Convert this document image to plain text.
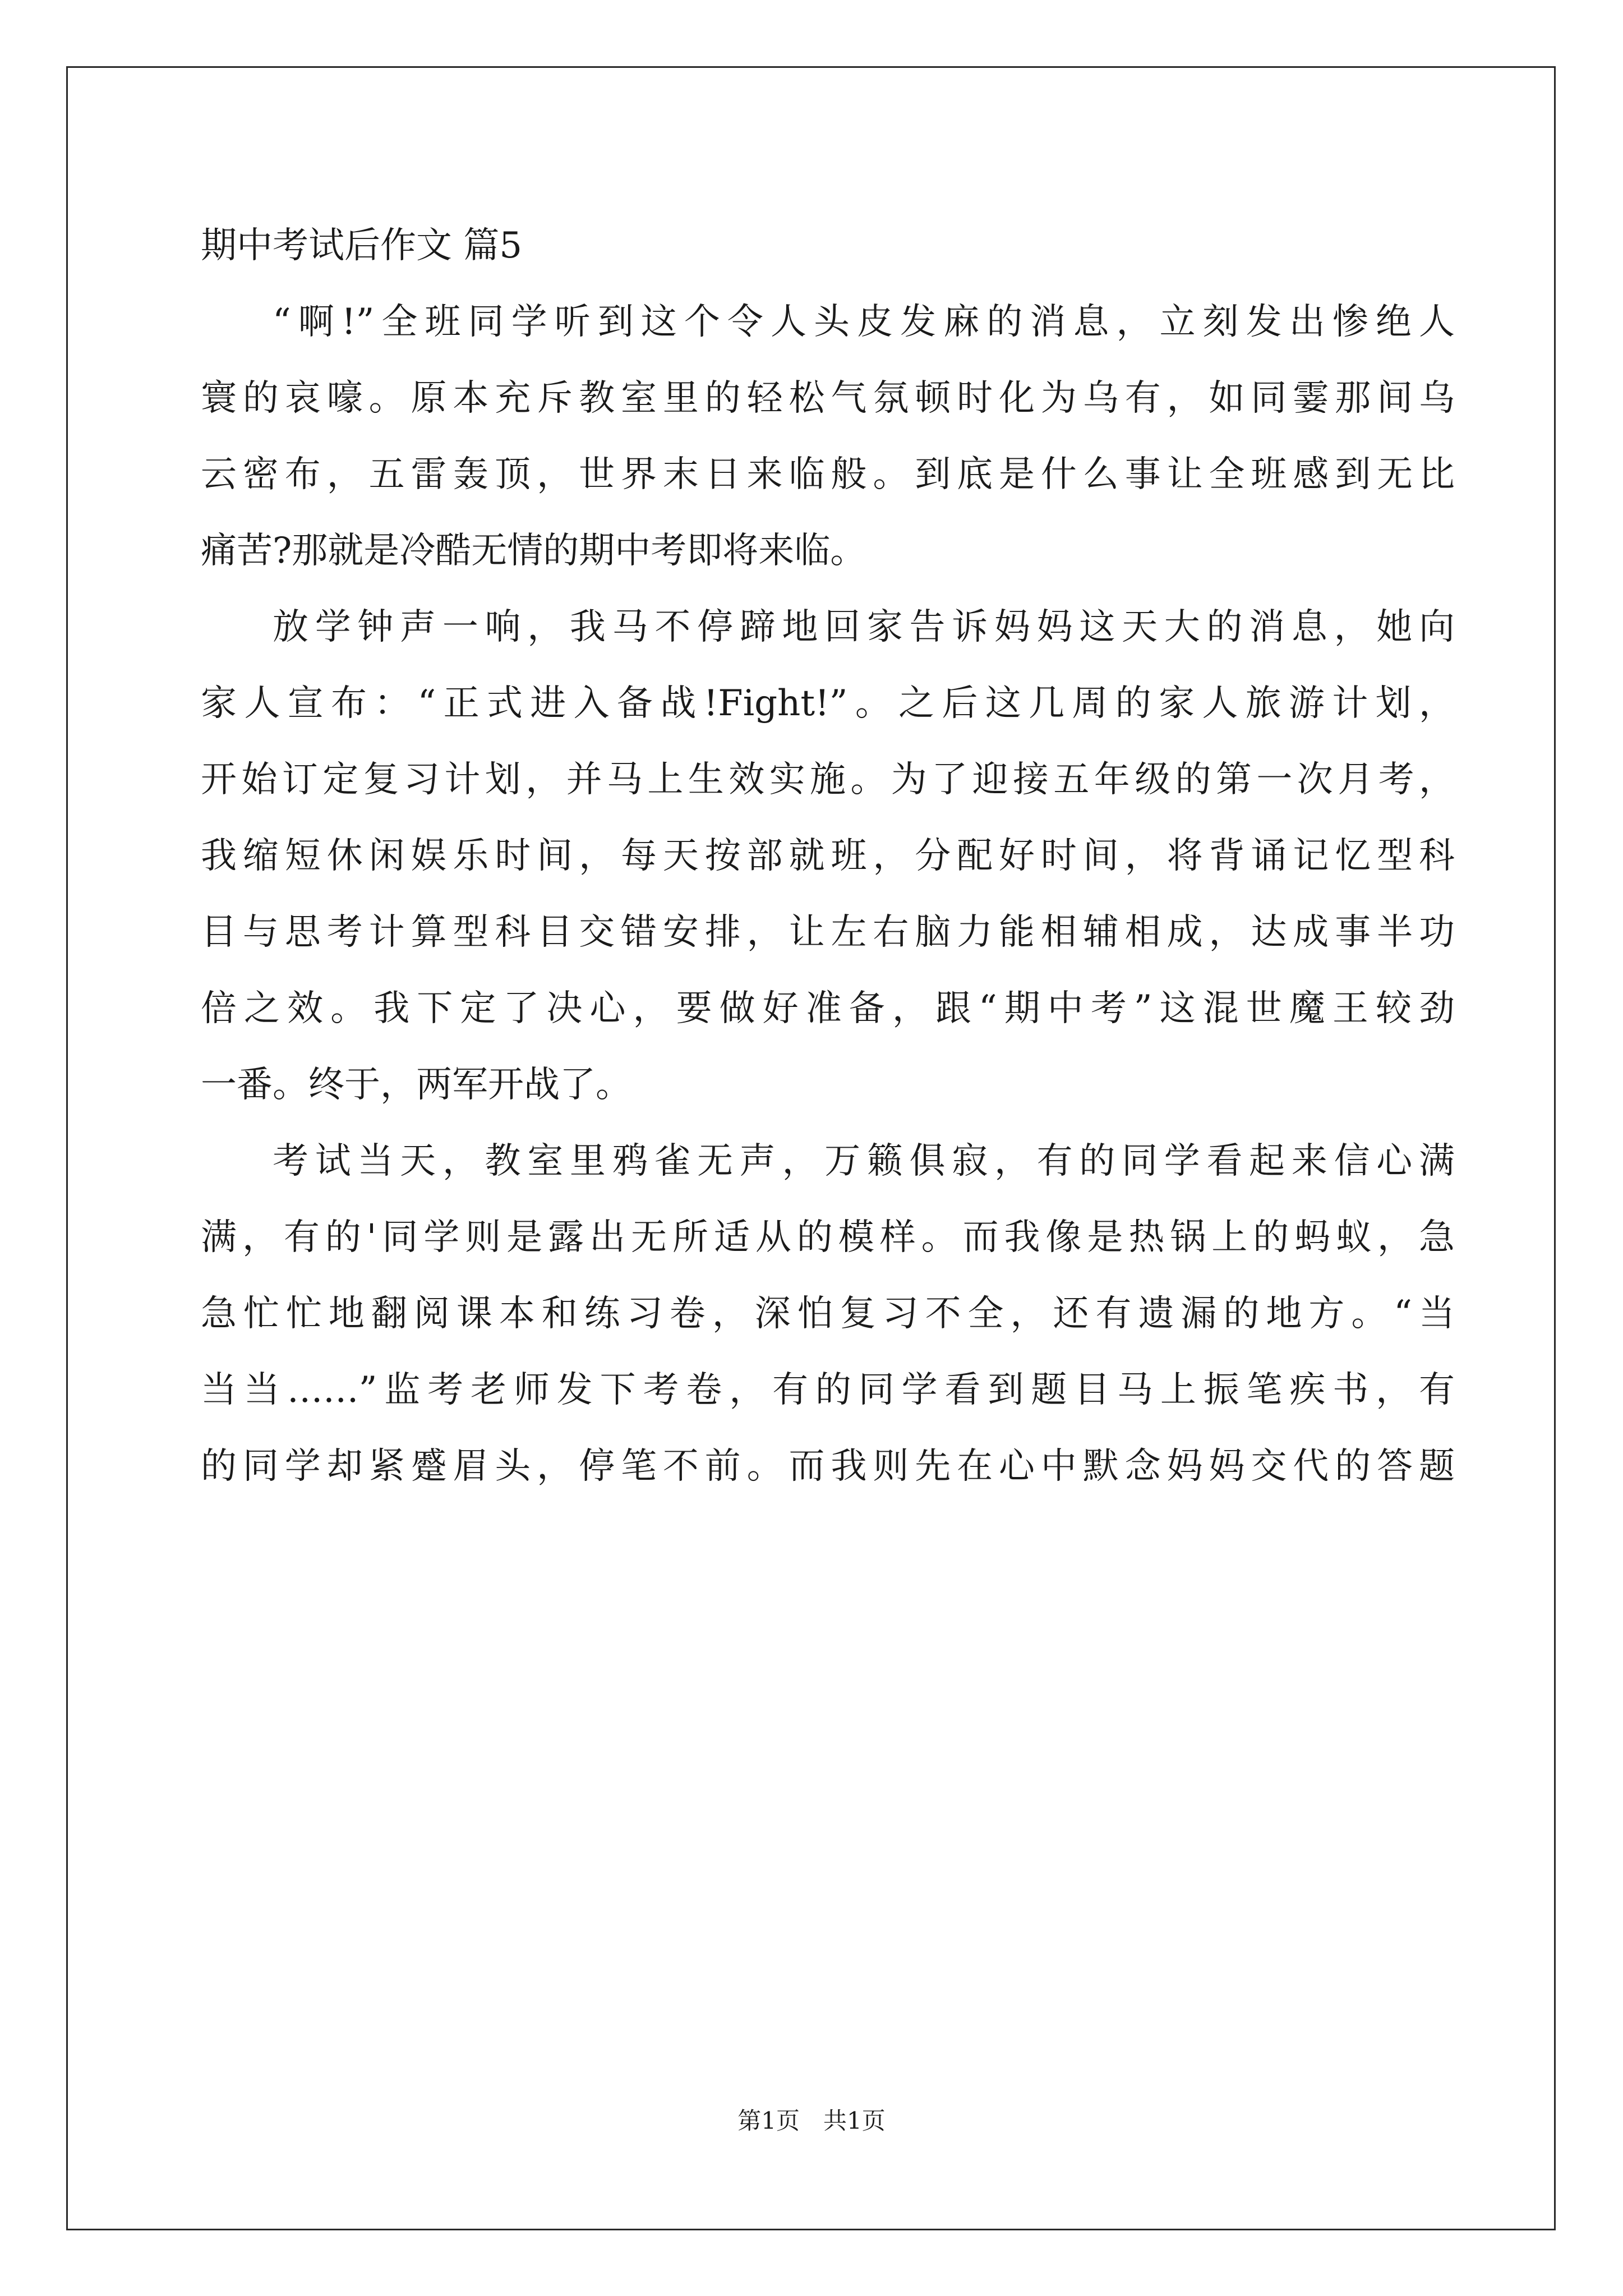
期中考试后作文 篇5
“啊!”全班同学听到这个令人头皮发麻的消息，立刻发出惨绝人
寰的哀嚎。原本充斥教室里的轻松气氛顿时化为乌有，如同霎那间乌
云密布，五雷轰顶，世界末日来临般。到底是什么事让全班感到无比
痛苦?那就是冷酷无情的期中考即将来临。
放学钟声一响，我马不停蹄地回家告诉妈妈这天大的消息，她向
家人宣布：“正式进入备战!Fight!”。之后这几周的家人旅游计划，
开始订定复习计划，并马上生效实施。为了迎接五年级的第一次月考，
我缩短休闲娱乐时间，每天按部就班，分配好时间，将背诵记忆型科
目与思考计算型科目交错安排，让左右脑力能相辅相成，达成事半功
倍之效。我下定了决心，要做好准备，跟“期中考”这混世魔王较劲
一番。终于，两军开战了。
考试当天，教室里鸦雀无声，万籁俱寂，有的同学看起来信心满
满，有的'同学则是露出无所适从的模样。而我像是热锅上的蚂蚁，急
急忙忙地翻阅课本和练习卷，深怕复习不全，还有遗漏的地方。“当
当当……”监考老师发下考卷，有的同学看到题目马上振笔疾书，有
的同学却紧蹙眉头，停笔不前。而我则先在心中默念妈妈交代的答题
第1页　共1页
